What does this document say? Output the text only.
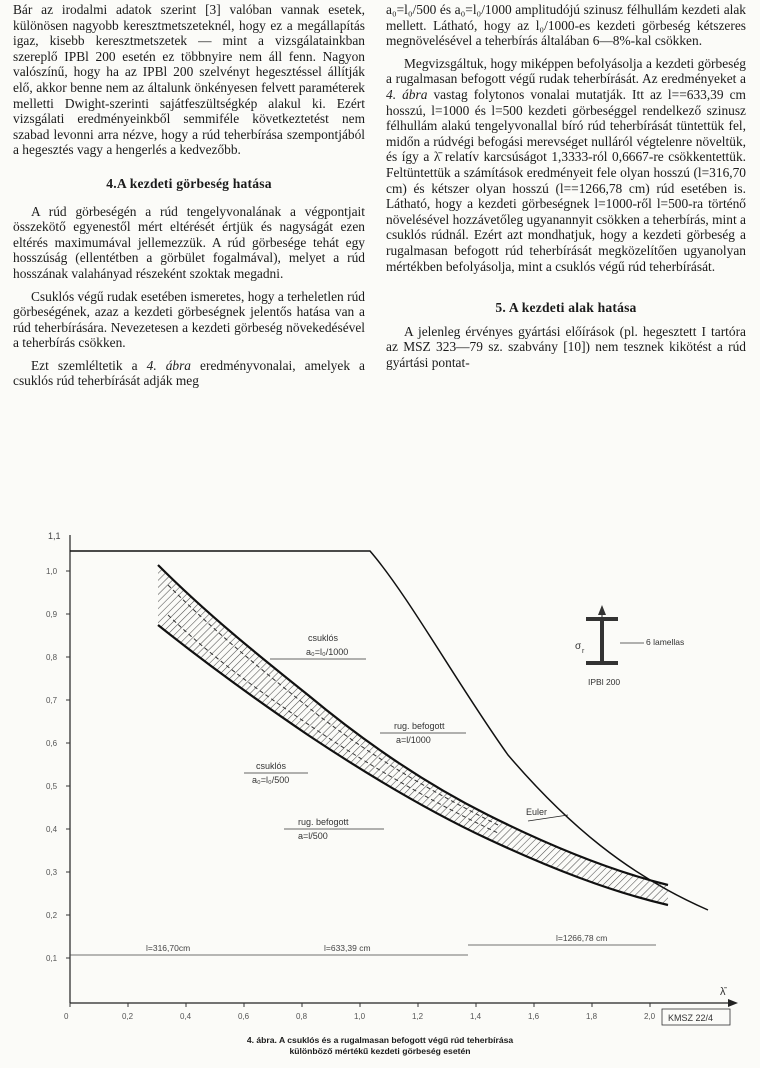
Bár az irodalmi adatok szerint [3] valóban vannak esetek, különösen nagyobb keresztmetszeteknél, hogy ez a megállapítás igaz, kisebb keresztmetszetek — mint a vizsgálatainkban szereplő IPBl 200 esetén ez többnyire nem áll fenn. Nagyon valószínű, hogy ha az IPBl 200 szelvényt hegesztéssel állítják elő, akkor benne nem az általunk önkényesen felvett paraméterek melletti Dwight-szerinti sajátfeszültségkép alakul ki. Ezért vizsgálati eredményeinkből semmiféle következtetést nem szabad levonni arra nézve, hogy a rúd teherbírása szempontjából a hegesztés vagy a hengerlés a kedvezőbb.

4.A kezdeti görbeség hatása

A rúd görbeségén a rúd tengelyvonalának a végpontjait összekötő egyenestől mért eltérését értjük és nagyságát ezen eltérés maximumával jellemezzük. A rúd görbesége tehát egy hosszúság (ellentétben a görbület fogalmával), melyet a rúd hosszának valahányad részeként szoktak megadni.

Csuklós végű rudak esetében ismeretes, hogy a terheletlen rúd görbeségének, azaz a kezdeti görbeségnek jelentős hatása van a rúd teherbírására. Nevezetesen a kezdeti görbeség növekedésével a teherbírás csökken.

Ezt szemléltetik a 4. ábra eredményvonalai, amelyek a csuklós rúd teherbírását adják meg

a₀=l₀/500 és a₀=l₀/1000 amplitudójú szinusz félhullám kezdeti alak mellett. Látható, hogy az l₀/1000-es kezdeti görbeség kétszeres megnövelésével a teherbírás általában 6—8%-kal csökken.

Megvizsgáltuk, hogy miképpen befolyásolja a kezdeti görbeség a rugalmasan befogott végű rudak teherbírását. Az eredményeket a 4. ábra vastag folytonos vonalai mutatják. Itt az l==633,39 cm hosszú, l=1000 és l=500 kezdeti görbeséggel rendelkező szinusz félhullám alakú tengelyvonallal bíró rúd teherbírását tüntettük fel, midőn a rúdvégi befogási merevséget nulláról végtelenre növeltük, és így a λ̄ relatív karcsúságot 1,3333-ról 0,6667-re csökkentettük. Feltüntettük a számítások eredményeit fele olyan hosszú (l=316,70 cm) és kétszer olyan hosszú (l==1266,78 cm) rúd esetében is. Látható, hogy a kezdeti görbeségnek l=1000-ről l=500-ra történő növelésével hozzávetőleg ugyanannyit csökken a teherbírás, mint a csuklós rúdnál. Ezért azt mondhatjuk, hogy a kezdeti görbeség a rugalmasan befogott rúd teherbírását megközelítően ugyanolyan mértékben befolyásolja, mint a csuklós végű rúd teherbírását.

5. A kezdeti alak hatása

A jelenleg érvényes gyártási előírások (pl. hegesztett I tartóra az MSZ 323—79 sz. szabvány [10]) nem tesznek kikötést a rúd gyártási pontat-

1,1
1,0
0,9
0,8
0,7
0,6
0,5
0,4
0,3
0,2
0,1
0	0,2	0,4	0,6	0,8	1,0	1,2	1,4	1,6	1,8	2,0
λ̄
Euler
csuklós
a₀=l₀/1000
rug. befogott
a=l/1000
csuklós
a₀=l₀/500
rug. befogott
a=l/500
l=316,70cm	l=633,39 cm
l=1266,78 cm
σ r
6 lamellas
IPBl 200
KMSZ 22/4
4. ábra. A csuklós és a rugalmasan befogott végű rúd teherbírása
különböző mértékű kezdeti görbeség esetén
